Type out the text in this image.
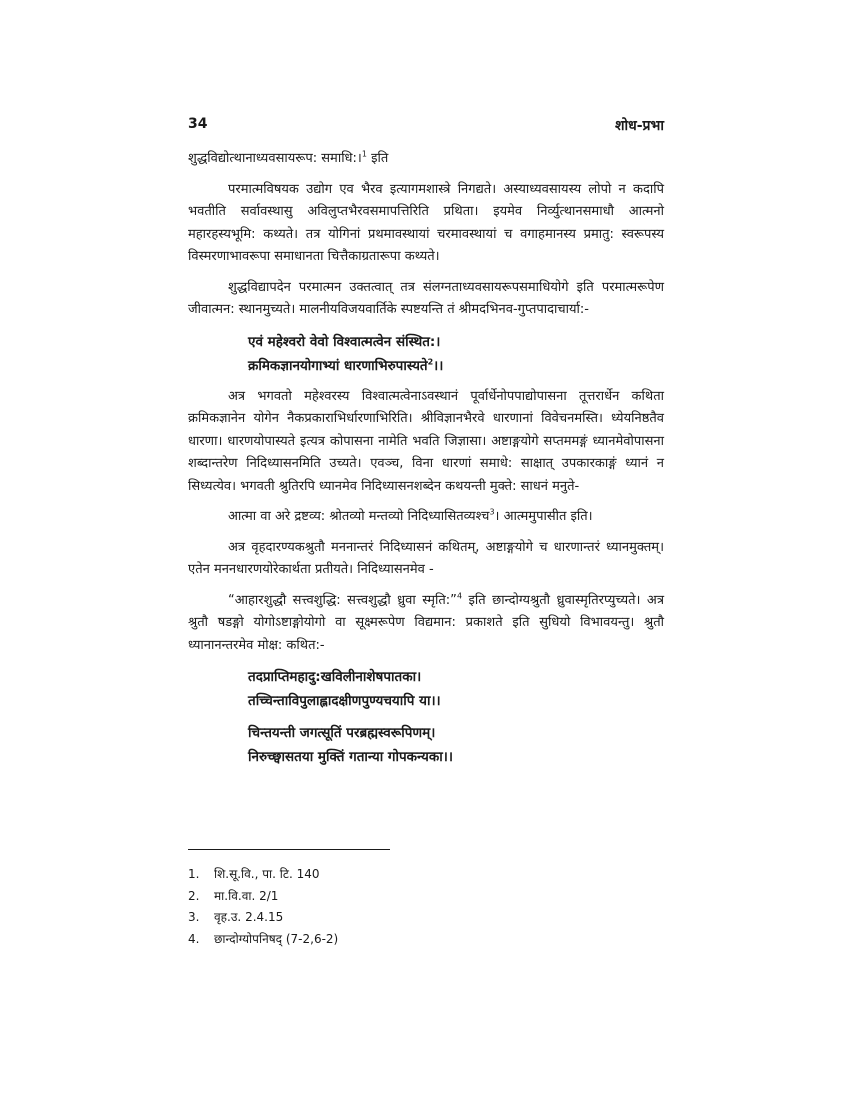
34	शोध-प्रभा

शुद्धविद्योत्थानाध्यवसायरूप: समाधि:।$^1$ इति

परमात्मविषयक उद्योग एव भैरव इत्यागमशास्त्रे निगद्यते। अस्याध्यवसायस्य लोपो न कदापि भवतीति सर्वावस्थासु अविलुप्तभैरवसमापत्तिरिति प्रथिता। इयमेव निर्व्युत्थानसमाधौ आत्मनो महारहस्यभूमि: कथ्यते। तत्र योगिनां प्रथमावस्थायां चरमावस्थायां च वगाहमानस्य प्रमातु: स्वरूपस्य विस्मरणाभावरूपा समाधानता चित्तैकाग्रतारूपा कथ्यते।

शुद्धविद्यापदेन परमात्मन उक्तत्वात् तत्र संलग्नताध्यवसायरूपसमाधियोगे इति परमात्मरूपेण जीवात्मन: स्थानमुच्यते। मालनीयविजयवार्तिके स्पष्टयन्ति तं श्रीमदभिनव-गुप्तपादाचार्या:-

एवं महेश्वरो वेवो विश्वात्मत्वेन संस्थित:।
क्रमिकज्ञानयोगाभ्यां धारणाभिरुपास्यते$^2$।।

अत्र भगवतो महेश्वरस्य विश्वात्मत्वेनाऽवस्थानं पूर्वार्धेनोपपाद्योपासना तूत्तरार्धेन कथिता क्रमिकज्ञानेन योगेन नैकप्रकाराभिर्धारणाभिरिति। श्रीविज्ञानभैरवे धारणानां विवेचनमस्ति। ध्येयनिष्ठतैव धारणा। धारणयोपास्यते इत्यत्र कोपासना नामेति भवति जिज्ञासा। अष्टाङ्गयोगे सप्तममङ्गं ध्यानमेवोपासना शब्दान्तरेण निदिध्यासनमिति उच्यते। एवञ्च, विना धारणां समाधे: साक्षात् उपकारकाङ्गं ध्यानं न सिध्यत्येव। भगवती श्रुतिरपि ध्यानमेव निदिध्यासनशब्देन कथयन्ती मुक्ते: साधनं मनुते-

आत्मा वा अरे द्रष्टव्य: श्रोतव्यो मन्तव्यो निदिध्यासितव्यश्च$^3$। आत्ममुपासीत इति।

अत्र वृहदारण्यकश्रुतौ मननान्तरं निदिध्यासनं कथितम्, अष्टाङ्गयोगे च धारणान्तरं ध्यानमुक्तम्। एतेन मननधारणयोरेकार्थता प्रतीयते। निदिध्यासनमेव -

“आहारशुद्धौ सत्त्वशुद्धि: सत्त्वशुद्धौ ध्रुवा स्मृति:”$^4$ इति छान्दोग्यश्रुतौ ध्रुवास्मृतिरप्युच्यते। अत्र श्रुतौ षडङ्गो योगोऽष्टाङ्गोयोगो वा सूक्ष्मरूपेण विद्यमान: प्रकाशते इति सुधियो विभावयन्तु। श्रुतौ ध्यानानन्तरमेव मोक्ष: कथित:-

तदप्राप्तिमहादु:खविलीनाशेषपातका।
तच्चिन्ताविपुलाह्लादक्षीणपुण्यचयापि या।।
चिन्तयन्ती जगत्सूतिं परब्रह्मस्वरूपिणम्।
निरुच्छ्वासतया मुक्तिं गतान्या गोपकन्यका।।
1.	शि.सू.वि., पा. टि. 140
2.	मा.वि.वा. 2/1
3.	वृह.उ. 2.4.15
4.	छान्दोग्योपनिषद् (7-2,6-2)
